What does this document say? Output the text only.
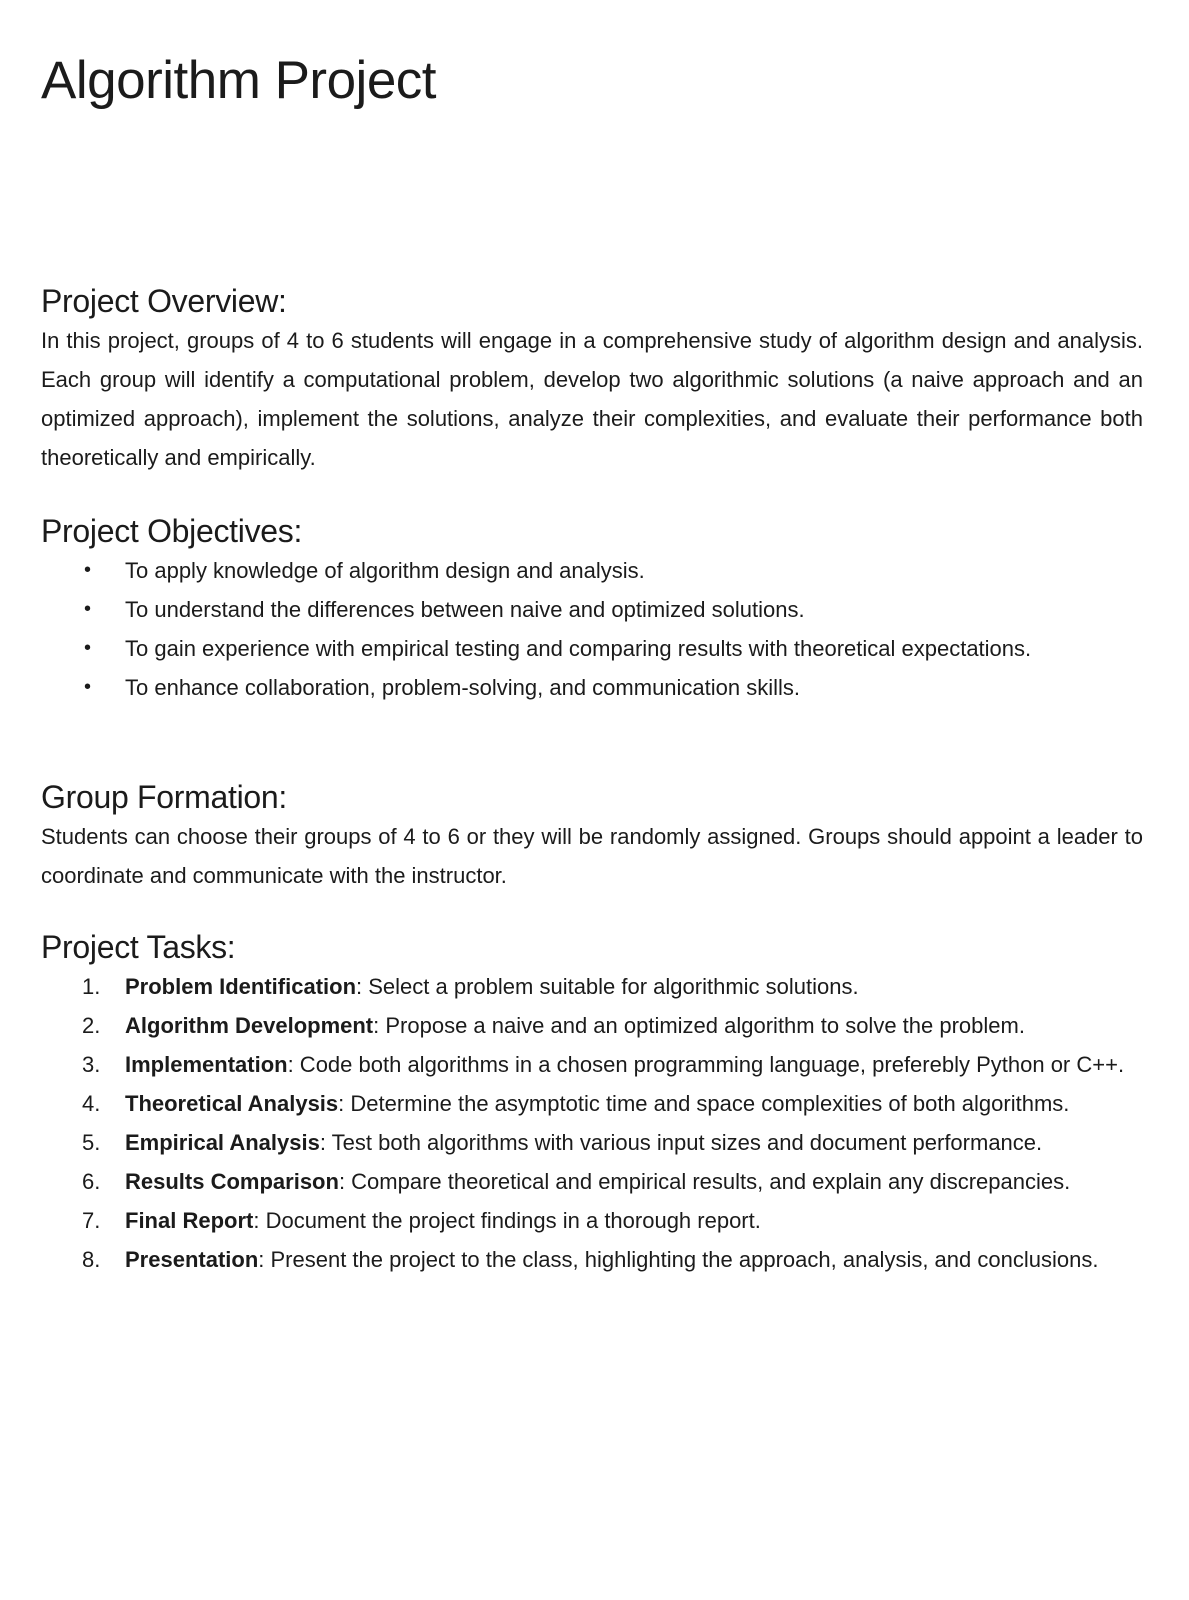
Algorithm Project
Project Overview:

In this project, groups of 4 to 6 students will engage in a comprehensive study of algorithm design and analysis. Each group will identify a computational problem, develop two algorithmic solutions (a naive approach and an optimized approach), implement the solutions, analyze their complexities, and evaluate their performance both theoretically and empirically.

Project Objectives:
• To apply knowledge of algorithm design and analysis.
• To understand the differences between naive and optimized solutions.
• To gain experience with empirical testing and comparing results with theoretical expectations.
• To enhance collaboration, problem-solving, and communication skills.
Group Formation:

Students can choose their groups of 4 to 6 or they will be randomly assigned. Groups should appoint a leader to coordinate and communicate with the instructor.

Project Tasks:
1. Problem Identification: Select a problem suitable for algorithmic solutions.
2. Algorithm Development: Propose a naive and an optimized algorithm to solve the problem.
3. Implementation: Code both algorithms in a chosen programming language, preferebly Python or C++.
4. Theoretical Analysis: Determine the asymptotic time and space complexities of both algorithms.
5. Empirical Analysis: Test both algorithms with various input sizes and document performance.
6. Results Comparison: Compare theoretical and empirical results, and explain any discrepancies.
7. Final Report: Document the project findings in a thorough report.
8. Presentation: Present the project to the class, highlighting the approach, analysis, and conclusions.
